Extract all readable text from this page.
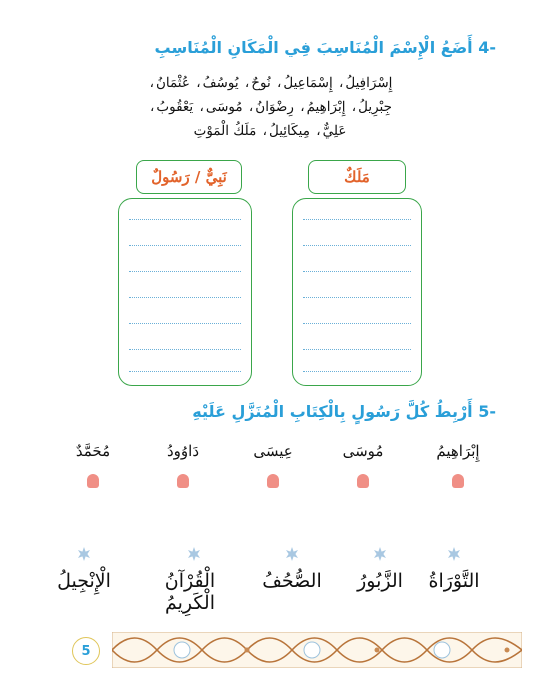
-4 أَضَعُ الْإِسْمَ الْمُنَاسِبَ فِي الْمَكَانِ الْمُنَاسِبِ
إِسْرَافِيلُ، إِسْمَاعِيلُ، نُوحٌ، يُوسُفُ، عُثْمَانُ،
جِبْرِيلُ، إِبْرَاهِيمُ، رِضْوَانُ، مُوسَى، يَعْقُوبُ،
عَلِيٌّ، مِيكَائِيلُ، مَلَكُ الْمَوْتِ
نَبِيٌّ / رَسُولٌ	مَلَكٌ
-5 أَرْبِطُ كُلَّ رَسُولٍ بِالْكِتَابِ الْمُنَزَّلِ عَلَيْهِ
إِبْرَاهِيمُ
مُوسَى
عِيسَى
دَاوُودُ
مُحَمَّدٌ
التَّوْرَاةُ
الزَّبُورُ
الصُّحُفُ
الْقُرْآنُ الْكَرِيمُ
الْإِنْجِيلُ
5
